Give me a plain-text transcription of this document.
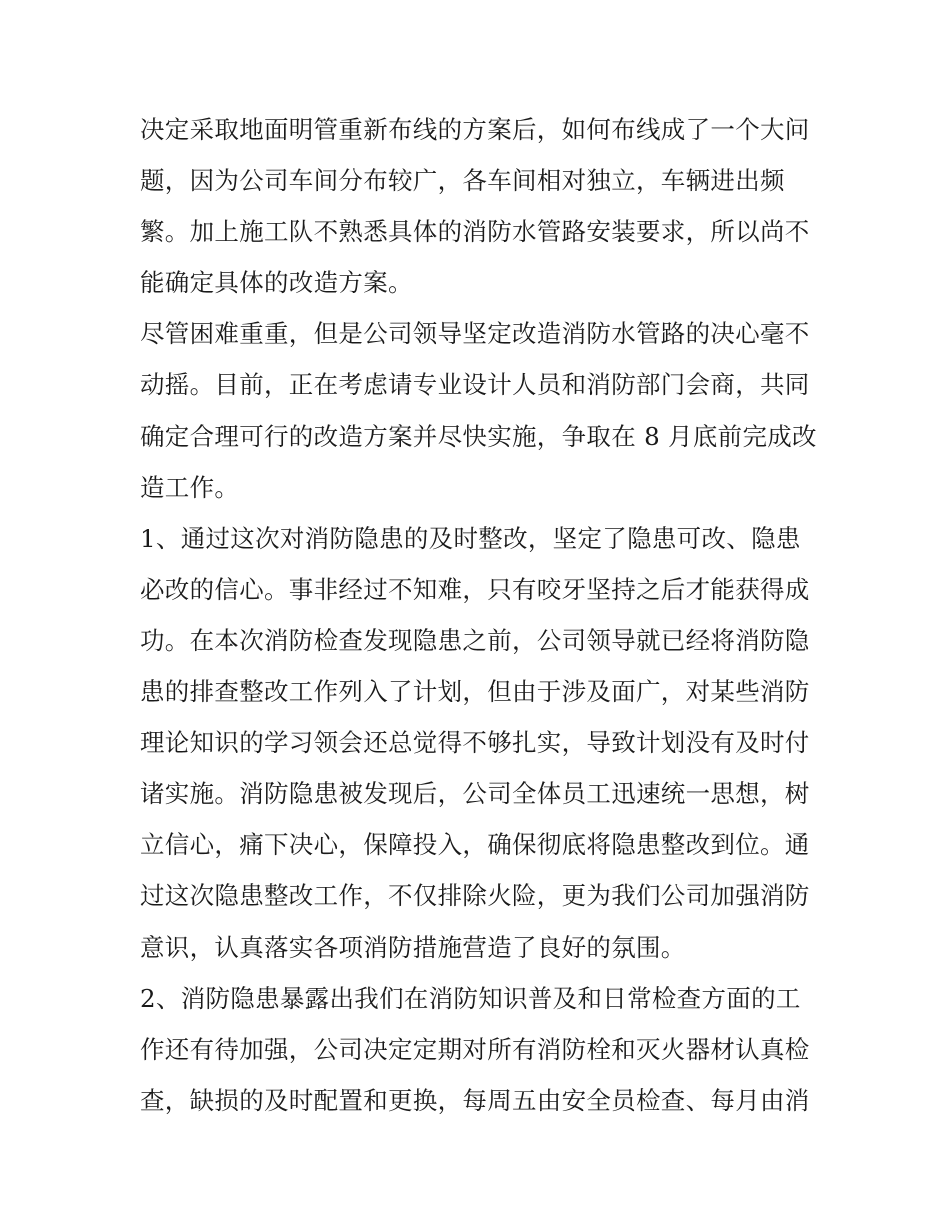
决定采取地面明管重新布线的方案后，如何布线成了一个大问
题，因为公司车间分布较广，各车间相对独立，车辆进出频
繁。加上施工队不熟悉具体的消防水管路安装要求，所以尚不
能确定具体的改造方案。
尽管困难重重，但是公司领导坚定改造消防水管路的决心毫不
动摇。目前，正在考虑请专业设计人员和消防部门会商，共同
确定合理可行的改造方案并尽快实施，争取在 8 月底前完成改
造工作。
1、通过这次对消防隐患的及时整改，坚定了隐患可改、隐患
必改的信心。事非经过不知难，只有咬牙坚持之后才能获得成
功。在本次消防检查发现隐患之前，公司领导就已经将消防隐
患的排查整改工作列入了计划，但由于涉及面广，对某些消防
理论知识的学习领会还总觉得不够扎实，导致计划没有及时付
诸实施。消防隐患被发现后，公司全体员工迅速统一思想，树
立信心，痛下决心，保障投入，确保彻底将隐患整改到位。通
过这次隐患整改工作，不仅排除火险，更为我们公司加强消防
意识，认真落实各项消防措施营造了良好的氛围。
2、消防隐患暴露出我们在消防知识普及和日常检查方面的工
作还有待加强，公司决定定期对所有消防栓和灭火器材认真检
查，缺损的及时配置和更换，每周五由安全员检查、每月由消
